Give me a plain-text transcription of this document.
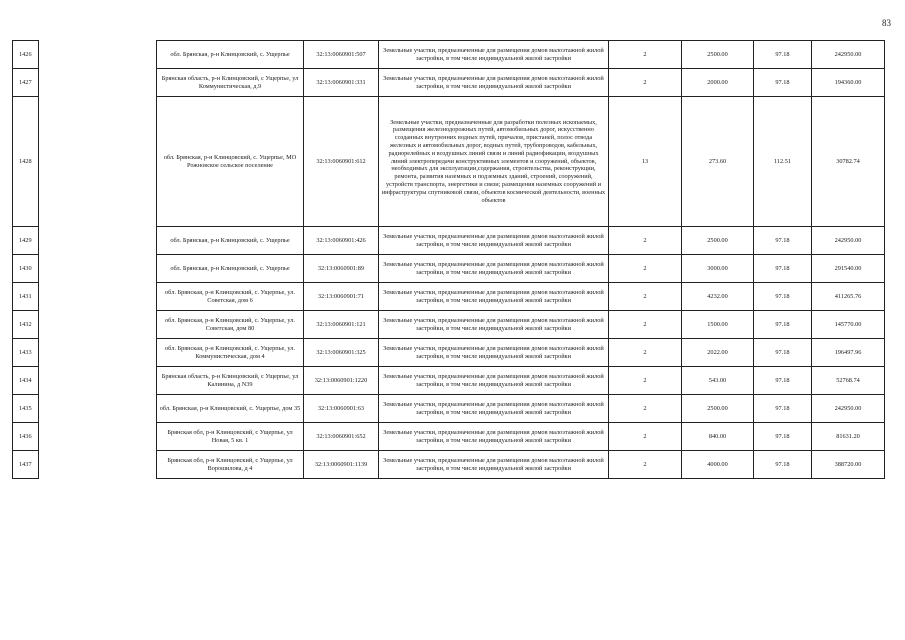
83
1426		обл. Брянская, р-н Клинцовский, с. Ущерпье	32:13:0060901:507	Земельные участки, предназначенные для размещения домов малоэтажной жилой застройки, в том числе индивидуальной жилой застройки	2	2500.00	97.18	242950.00
1427		Брянская область, р-н Клинцовский, с Ущерпье, ул Коммунистическая, д.9	32:13:0060901:331	Земельные участки, предназначенные для размещения домов малоэтажной жилой застройки, в том числе индивидуальной жилой застройки	2	2000.00	97.18	194360.00
1428		обл. Брянская, р-н Клинцовский, с. Ущерпье, МО Рожновское сельское поселение	32:13:0060901:612	Земельные участки, предназначенные для разработки полезных ископаемых, размещения железнодорожных путей, автомобильных дорог, искусственно созданных внутренних водных путей, причалов, пристаней, полос отвода железных и автомобильных дорог, водных путей, трубопроводов, кабельных, радиорелейных и воздушных линий связи и линий радиофикации, воздушных линий электропередачи конструктивных элементов и сооружений, объектов, необходимых для эксплуатации,содержания, строительства, реконструкции, ремонта, развития наземных и подземных зданий, строений, сооружений, устройств транспорта, энергетики и связи; размещения наземных сооружений и инфраструктуры спутниковой связи, объектов космической деятельности, военных объектов	13	273.60	112.51	30782.74
1429		обл. Брянская, р-н Клинцовский, с. Ущерпье	32:13:0060901:426	Земельные участки, предназначенные для размещения домов малоэтажной жилой застройки, в том числе индивидуальной жилой застройки	2	2500.00	97.18	242950.00
1430		обл. Брянская, р-н Клинцовский, с. Ущерпье	32:13:0060901:89	Земельные участки, предназначенные для размещения домов малоэтажной жилой застройки, в том числе индивидуальной жилой застройки	2	3000.00	97.18	291540.00
1431		обл. Брянская, р-н Клинцовский, с. Ущерпье, ул. Советская, дом 6	32:13:0060901:71	Земельные участки, предназначенные для размещения домов малоэтажной жилой застройки, в том числе индивидуальной жилой застройки	2	4232.00	97.18	411265.76
1432		обл. Брянская, р-н Клинцовский, с. Ущерпье, ул. Советская, дом 80	32:13:0060901:121	Земельные участки, предназначенные для размещения домов малоэтажной жилой застройки, в том числе индивидуальной жилой застройки	2	1500.00	97.18	145770.00
1433		обл. Брянская, р-н Клинцовский, с. Ущерпье, ул. Коммунистическая, дом 4	32:13:0060901:325	Земельные участки, предназначенные для размещения домов малоэтажной жилой застройки, в том числе индивидуальной жилой застройки	2	2022.00	97.18	196497.96
1434		Брянская область, р-н Клинцовский, с Ущерпье, ул Калинина, д N39	32:13:0060901:1220	Земельные участки, предназначенные для размещения домов малоэтажной жилой застройки, в том числе индивидуальной жилой застройки	2	543.00	97.18	52768.74
1435		обл. Брянская, р-н Клинцовский, с. Ущерпье, дом 35	32:13:0060901:63	Земельные участки, предназначенные для размещения домов малоэтажной жилой застройки, в том числе индивидуальной жилой застройки	2	2500.00	97.18	242950.00
1436		Брянская обл, р-н Клинцовский, с Ущерпье, ул Новая, 5 кв. 1	32:13:0060901:652	Земельные участки, предназначенные для размещения домов малоэтажной жилой застройки, в том числе индивидуальной жилой застройки	2	840.00	97.18	81631.20
1437		Брянская обл, р-н Клинцовский, с Ущерпье, ул Ворошилова, д 4	32:13:0060901:1139	Земельные участки, предназначенные для размещения домов малоэтажной жилой застройки, в том числе индивидуальной жилой застройки	2	4000.00	97.18	388720.00
